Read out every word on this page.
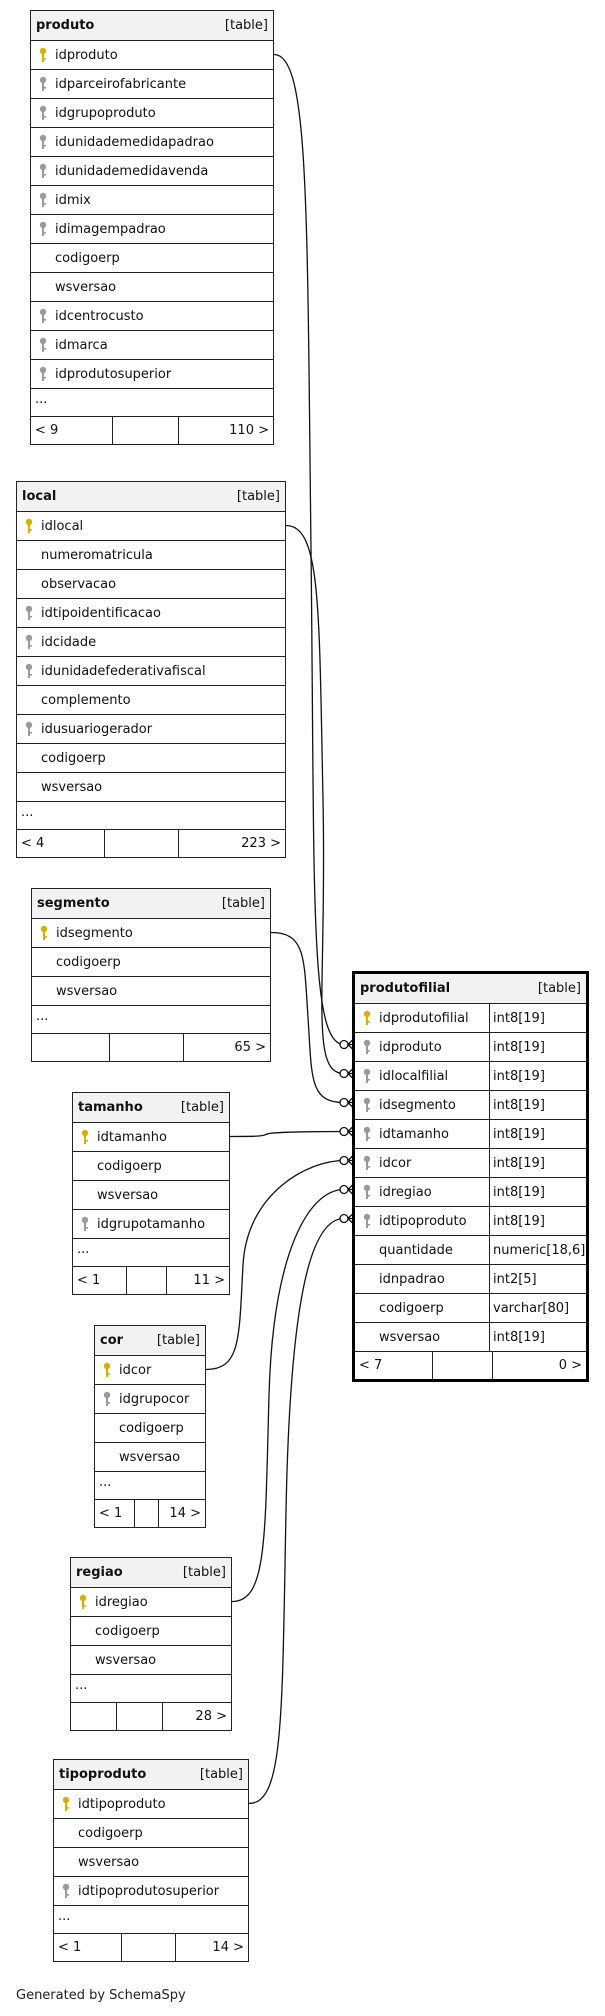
produto	[table]
idproduto
idparceirofabricante
idgrupoproduto
idunidademedidapadrao
idunidademedidavenda
idmix
idimagempadrao
codigoerp
wsversao
idcentrocusto
idmarca
idprodutosuperior
...
< 9	110 >
local	[table]
idlocal
numeromatricula
observacao
idtipoidentificacao
idcidade
idunidadefederativafiscal
complemento
idusuariogerador
codigoerp
wsversao
...
< 4	223 >
segmento	[table]
idsegmento
codigoerp
wsversao
...
65 >
tamanho	[table]
idtamanho
codigoerp
wsversao
idgrupotamanho
...
< 1	11 >
cor	[table]
idcor
idgrupocor
codigoerp
wsversao
...
< 1	14 >
regiao	[table]
idregiao
codigoerp
wsversao
...
28 >
tipoproduto	[table]
idtipoproduto
codigoerp
wsversao
idtipoprodutosuperior
...
< 1	14 >
produtofilial	[table]
idprodutofilial	int8[19]
idproduto	int8[19]
idlocalfilial	int8[19]
idsegmento	int8[19]
idtamanho	int8[19]
idcor	int8[19]
idregiao	int8[19]
idtipoproduto	int8[19]
quantidade	numeric[18,6]
idnpadrao	int2[5]
codigoerp	varchar[80]
wsversao	int8[19]
< 7	0 >
Generated by SchemaSpy
